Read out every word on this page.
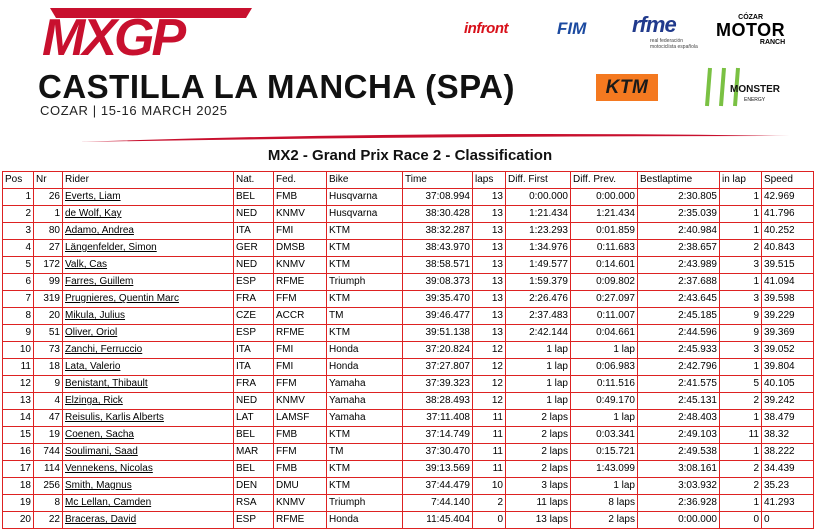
MXGP	infront	FIM rfme
real federación motociclista española
CÓZAR
MOTOR
RANCH
CASTILLA LA MANCHA (SPA)
COZAR | 15-16 MARCH 2025
KTM	MONSTER
ENERGY
MX2 - Grand Prix Race 2 - Classification
Pos	Nr	Rider	Nat.	Fed.	Bike	Time	laps	Diff. First	Diff. Prev.	Bestlaptime	in lap	Speed
1	26	Everts, Liam	BEL	FMB	Husqvarna	37:08.994	13	0:00.000	0:00.000	2:30.805	1	42.969
2	1	de Wolf, Kay	NED	KNMV	Husqvarna	38:30.428	13	1:21.434	1:21.434	2:35.039	1	41.796
3	80	Adamo, Andrea	ITA	FMI	KTM	38:32.287	13	1:23.293	0:01.859	2:40.984	1	40.252
4	27	Längenfelder, Simon	GER	DMSB	KTM	38:43.970	13	1:34.976	0:11.683	2:38.657	2	40.843
5	172	Valk, Cas	NED	KNMV	KTM	38:58.571	13	1:49.577	0:14.601	2:43.989	3	39.515
6	99	Farres, Guillem	ESP	RFME	Triumph	39:08.373	13	1:59.379	0:09.802	2:37.688	1	41.094
7	319	Prugnieres, Quentin Marc	FRA	FFM	KTM	39:35.470	13	2:26.476	0:27.097	2:43.645	3	39.598
8	20	Mikula, Julius	CZE	ACCR	TM	39:46.477	13	2:37.483	0:11.007	2:45.185	9	39.229
9	51	Oliver, Oriol	ESP	RFME	KTM	39:51.138	13	2:42.144	0:04.661	2:44.596	9	39.369
10	73	Zanchi, Ferruccio	ITA	FMI	Honda	37:20.824	12	1 lap	1 lap	2:45.933	3	39.052
11	18	Lata, Valerio	ITA	FMI	Honda	37:27.807	12	1 lap	0:06.983	2:42.796	1	39.804
12	9	Benistant, Thibault	FRA	FFM	Yamaha	37:39.323	12	1 lap	0:11.516	2:41.575	5	40.105
13	4	Elzinga, Rick	NED	KNMV	Yamaha	38:28.493	12	1 lap	0:49.170	2:45.131	2	39.242
14	47	Reisulis, Karlis Alberts	LAT	LAMSF	Yamaha	37:11.408	11	2 laps	1 lap	2:48.403	1	38.479
15	19	Coenen, Sacha	BEL	FMB	KTM	37:14.749	11	2 laps	0:03.341	2:49.103	11	38.32
16	744	Soulimani, Saad	MAR	FFM	TM	37:30.470	11	2 laps	0:15.721	2:49.538	1	38.222
17	114	Vennekens, Nicolas	BEL	FMB	KTM	39:13.569	11	2 laps	1:43.099	3:08.161	2	34.439
18	256	Smith, Magnus	DEN	DMU	KTM	37:44.479	10	3 laps	1 lap	3:03.932	2	35.23
19	8	Mc Lellan, Camden	RSA	KNMV	Triumph	7:44.140	2	11 laps	8 laps	2:36.928	1	41.293
20	22	Braceras, David	ESP	RFME	Honda	11:45.404	0	13 laps	2 laps	0:00.000	0	0
